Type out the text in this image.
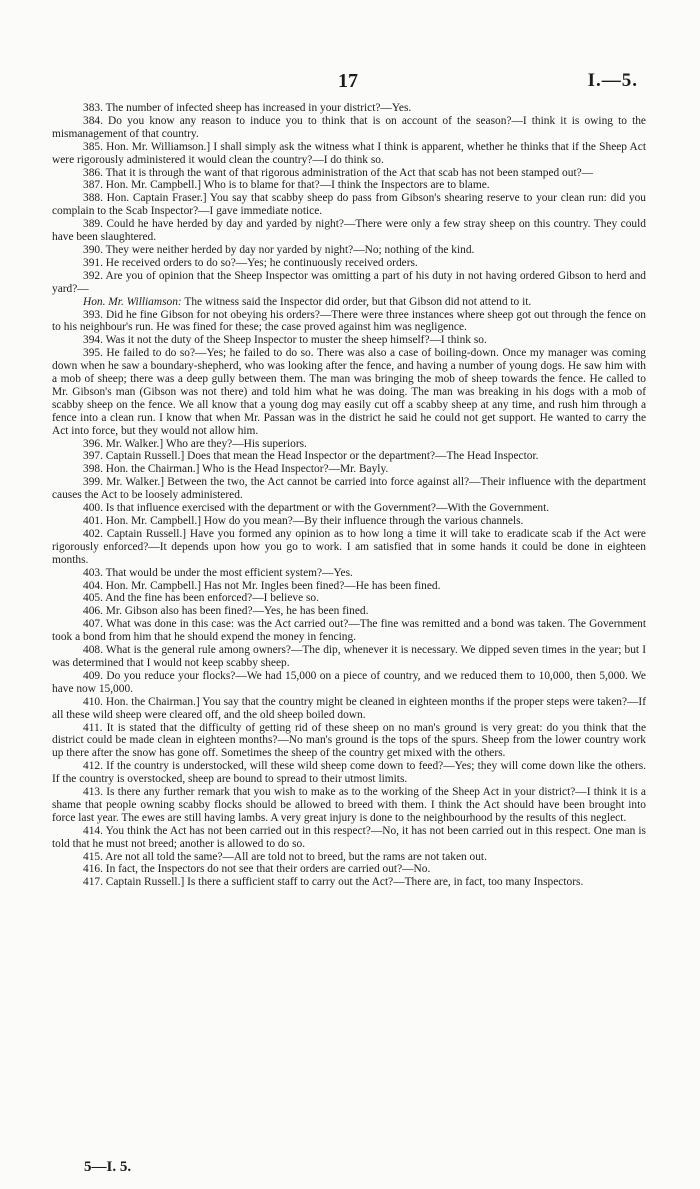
17	I.—5.

383. The number of infected sheep has increased in your district?—Yes.

384. Do you know any reason to induce you to think that is on account of the season?—I think it is owing to the mismanagement of that country.

385. Hon. Mr. Williamson.] I shall simply ask the witness what I think is apparent, whether he thinks that if the Sheep Act were rigorously administered it would clean the country?—I do think so.

386. That it is through the want of that rigorous administration of the Act that scab has not been stamped out?—

387. Hon. Mr. Campbell.] Who is to blame for that?—I think the Inspectors are to blame.

388. Hon. Captain Fraser.] You say that scabby sheep do pass from Gibson's shearing reserve to your clean run: did you complain to the Scab Inspector?—I gave immediate notice.

389. Could he have herded by day and yarded by night?—There were only a few stray sheep on this country. They could have been slaughtered.

390. They were neither herded by day nor yarded by night?—No; nothing of the kind.

391. He received orders to do so?—Yes; he continuously received orders.

392. Are you of opinion that the Sheep Inspector was omitting a part of his duty in not having ordered Gibson to herd and yard?—

Hon. Mr. Williamson: The witness said the Inspector did order, but that Gibson did not attend to it.

393. Did he fine Gibson for not obeying his orders?—There were three instances where sheep got out through the fence on to his neighbour's run. He was fined for these; the case proved against him was negligence.

394. Was it not the duty of the Sheep Inspector to muster the sheep himself?—I think so.

395. He failed to do so?—Yes; he failed to do so. There was also a case of boiling-down. Once my manager was coming down when he saw a boundary-shepherd, who was looking after the fence, and having a number of young dogs. He saw him with a mob of sheep; there was a deep gully between them. The man was bringing the mob of sheep towards the fence. He called to Mr. Gibson's man (Gibson was not there) and told him what he was doing. The man was breaking in his dogs with a mob of scabby sheep on the fence. We all know that a young dog may easily cut off a scabby sheep at any time, and rush him through a fence into a clean run. I know that when Mr. Passan was in the district he said he could not get support. He wanted to carry the Act into force, but they would not allow him.

396. Mr. Walker.] Who are they?—His superiors.

397. Captain Russell.] Does that mean the Head Inspector or the department?—The Head Inspector.

398. Hon. the Chairman.] Who is the Head Inspector?—Mr. Bayly.

399. Mr. Walker.] Between the two, the Act cannot be carried into force against all?—Their influence with the department causes the Act to be loosely administered.

400. Is that influence exercised with the department or with the Government?—With the Government.

401. Hon. Mr. Campbell.] How do you mean?—By their influence through the various channels.

402. Captain Russell.] Have you formed any opinion as to how long a time it will take to eradicate scab if the Act were rigorously enforced?—It depends upon how you go to work. I am satisfied that in some hands it could be done in eighteen months.

403. That would be under the most efficient system?—Yes.

404. Hon. Mr. Campbell.] Has not Mr. Ingles been fined?—He has been fined.

405. And the fine has been enforced?—I believe so.

406. Mr. Gibson also has been fined?—Yes, he has been fined.

407. What was done in this case: was the Act carried out?—The fine was remitted and a bond was taken. The Government took a bond from him that he should expend the money in fencing.

408. What is the general rule among owners?—The dip, whenever it is necessary. We dipped seven times in the year; but I was determined that I would not keep scabby sheep.

409. Do you reduce your flocks?—We had 15,000 on a piece of country, and we reduced them to 10,000, then 5,000. We have now 15,000.

410. Hon. the Chairman.] You say that the country might be cleaned in eighteen months if the proper steps were taken?—If all these wild sheep were cleared off, and the old sheep boiled down.

411. It is stated that the difficulty of getting rid of these sheep on no man's ground is very great: do you think that the district could be made clean in eighteen months?—No man's ground is the tops of the spurs. Sheep from the lower country work up there after the snow has gone off. Sometimes the sheep of the country get mixed with the others.

412. If the country is understocked, will these wild sheep come down to feed?—Yes; they will come down like the others. If the country is overstocked, sheep are bound to spread to their utmost limits.

413. Is there any further remark that you wish to make as to the working of the Sheep Act in your district?—I think it is a shame that people owning scabby flocks should be allowed to breed with them. I think the Act should have been brought into force last year. The ewes are still having lambs. A very great injury is done to the neighbourhood by the results of this neglect.

414. You think the Act has not been carried out in this respect?—No, it has not been carried out in this respect. One man is told that he must not breed; another is allowed to do so.

415. Are not all told the same?—All are told not to breed, but the rams are not taken out.

416. In fact, the Inspectors do not see that their orders are carried out?—No.

417. Captain Russell.] Is there a sufficient staff to carry out the Act?—There are, in fact, too many Inspectors.

5—I. 5.
